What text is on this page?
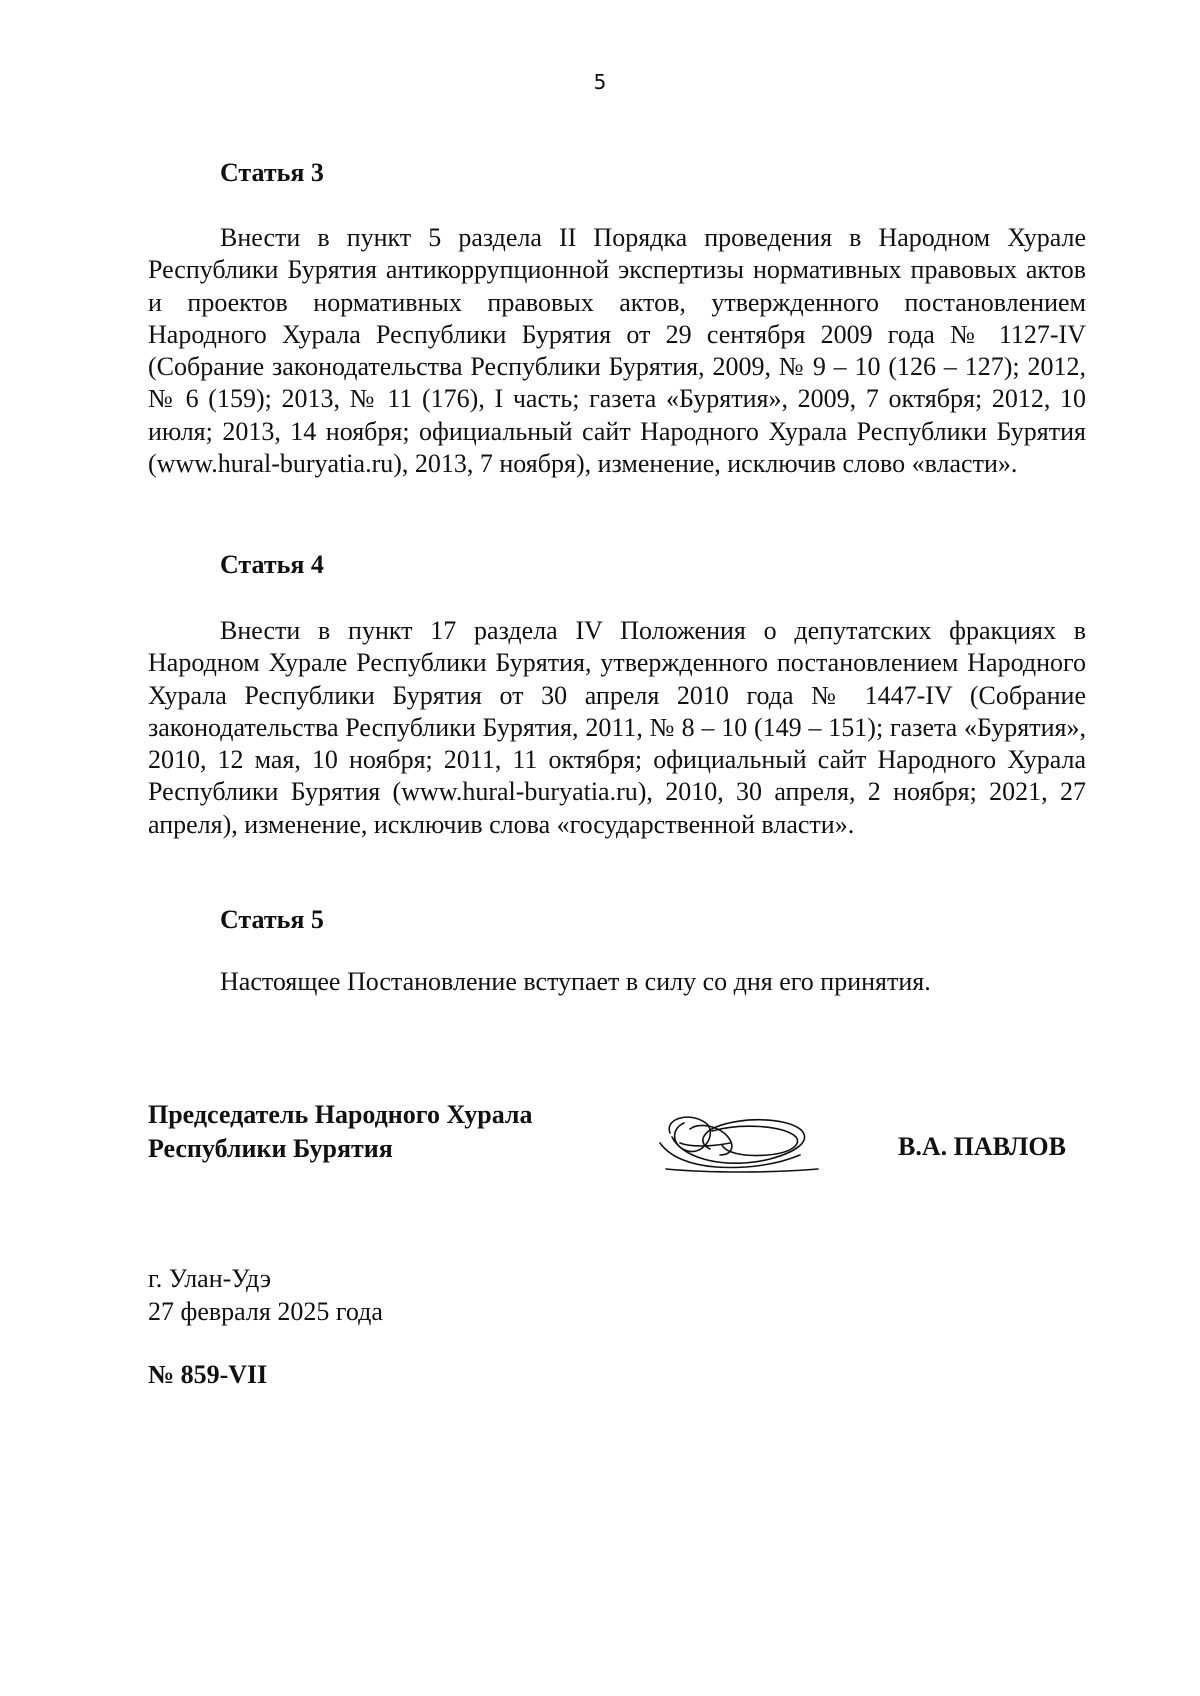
5
Статья 3

Внести в пункт 5 раздела II Порядка проведения в Народном Хурале Республики Бурятия антикоррупционной экспертизы нормативных правовых актов и проектов нормативных правовых актов, утвержденного постановлением Народного Хурала Республики Бурятия от 29 сентября 2009 года № 1127-IV (Собрание законодательства Республики Бурятия, 2009, № 9 – 10 (126 – 127); 2012, № 6 (159); 2013, № 11 (176), I часть; газета «Бурятия», 2009, 7 октября; 2012, 10 июля; 2013, 14 ноября; официальный сайт Народного Хурала Республики Бурятия (www.hural-buryatia.ru), 2013, 7 ноября), изменение, исключив слово «власти».

Статья 4

Внести в пункт 17 раздела IV Положения о депутатских фракциях в Народном Хурале Республики Бурятия, утвержденного постановлением Народного Хурала Республики Бурятия от 30 апреля 2010 года № 1447-IV (Собрание законодательства Республики Бурятия, 2011, № 8 – 10 (149 – 151); газета «Бурятия», 2010, 12 мая, 10 ноября; 2011, 11 октября; официальный сайт Народного Хурала Республики Бурятия (www.hural-buryatia.ru), 2010, 30 апреля, 2 ноября; 2021, 27 апреля), изменение, исключив слова «государственной власти».

Статья 5

Настоящее Постановление вступает в силу со дня его принятия.

Председатель Народного Хурала
Республики Бурятия	В.А. ПАВЛОВ
г. Улан-Удэ
27 февраля 2025 года
№ 859-VII
